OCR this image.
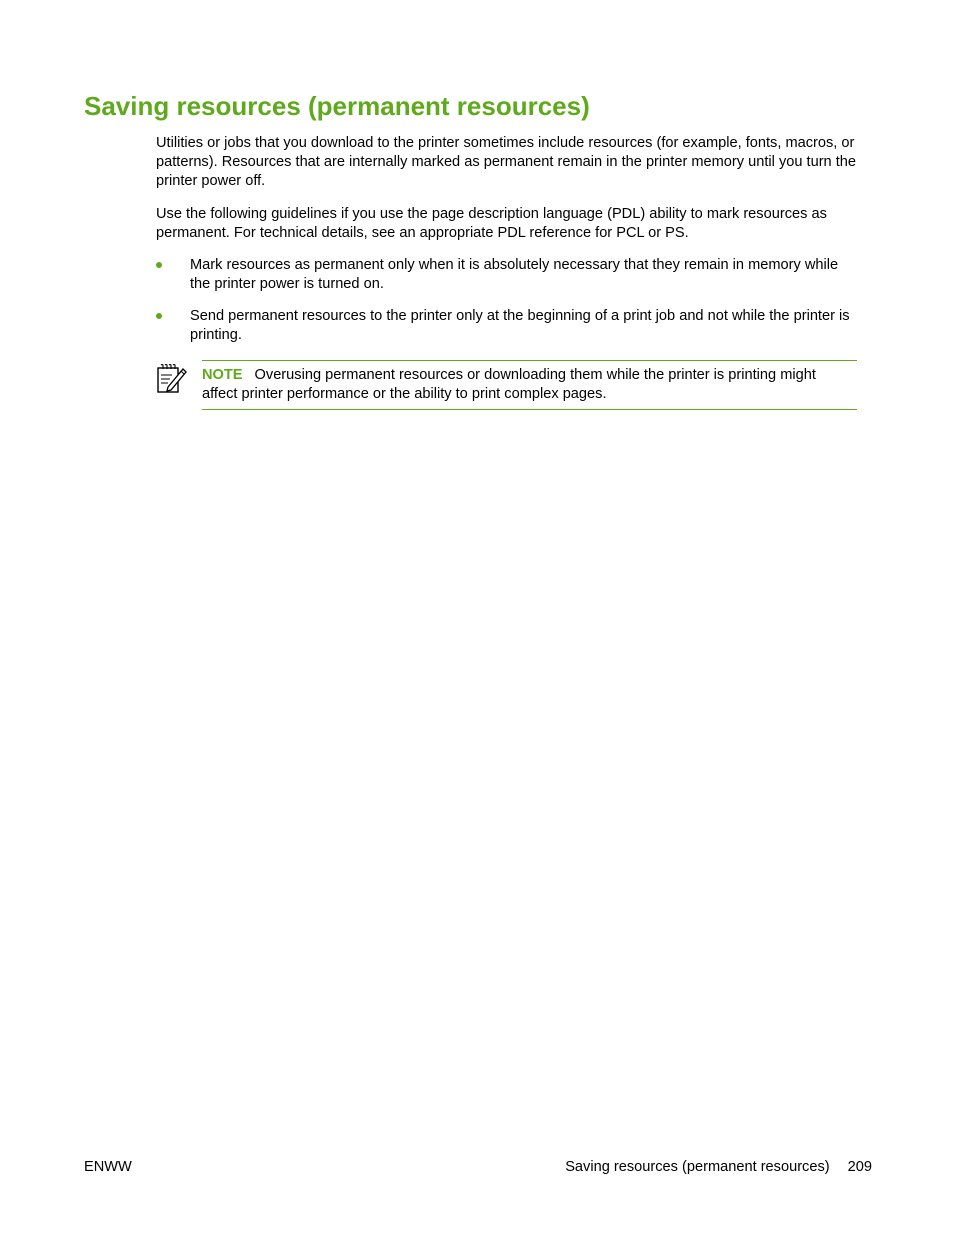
Saving resources (permanent resources)

Utilities or jobs that you download to the printer sometimes include resources (for example, fonts, macros, or patterns). Resources that are internally marked as permanent remain in the printer memory until you turn the printer power off.

Use the following guidelines if you use the page description language (PDL) ability to mark resources as permanent. For technical details, see an appropriate PDL reference for PCL or PS.

Mark resources as permanent only when it is absolutely necessary that they remain in memory while the printer power is turned on.
Send permanent resources to the printer only at the beginning of a print job and not while the printer is printing.
NOTE Overusing permanent resources or downloading them while the printer is printing might affect printer performance or the ability to print complex pages.
ENWW	Saving resources (permanent resources) 209
